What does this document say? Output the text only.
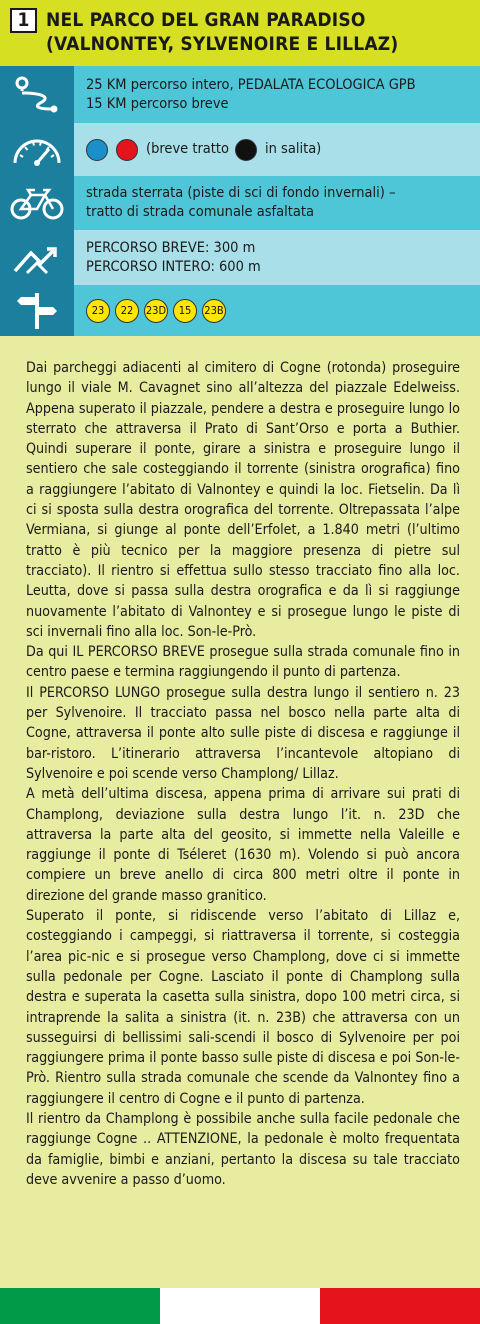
1 NEL PARCO DEL GRAN PARADISO
(VALNONTEY, SYLVENOIRE E LILLAZ)
25 KM percorso intero, PEDALATA ECOLOGICA GPB
15 KM percorso breve
(breve tratto in salita)
strada sterrata (piste di sci di fondo invernali) –
tratto di strada comunale asfaltata
PERCORSO BREVE: 300 m
PERCORSO INTERO: 600 m
23 22 23D 15 23B

Dai parcheggi adiacenti al cimitero di Cogne (rotonda) proseguire lungo il viale M. Cavagnet sino all’altezza del piazzale Edelweiss. Appena superato il piazzale, pendere a destra e proseguire lungo lo sterrato che attraversa il Prato di Sant’Orso e porta a Buthier. Quindi superare il ponte, girare a sinistra e proseguire lungo il sentiero che sale costeggiando il torrente (sinistra orografica) fino a raggiungere l’abitato di Valnontey e quindi la loc. Fietselin. Da lì ci si sposta sulla destra orografica del torrente. Oltrepassata l’alpe Vermiana, si giunge al ponte dell’Erfolet, a 1.840 metri (l’ultimo tratto è più tecnico per la maggiore presenza di pietre sul tracciato). Il rientro si effettua sullo stesso tracciato fino alla loc. Leutta, dove si passa sulla destra orografica e da lì si raggiunge nuovamente l’abitato di Valnontey e si prosegue lungo le piste di sci invernali fino alla loc. Son-le-Prò.

Da qui IL PERCORSO BREVE prosegue sulla strada comunale fino in centro paese e termina raggiungendo il punto di partenza.

Il PERCORSO LUNGO prosegue sulla destra lungo il sentiero n. 23 per Sylvenoire. Il tracciato passa nel bosco nella parte alta di Cogne, attraversa il ponte alto sulle piste di discesa e raggiunge il bar-ristoro. L’itinerario attraversa l’incantevole altopiano di Sylvenoire e poi scende verso Champlong/ Lillaz.

A metà dell’ultima discesa, appena prima di arrivare sui prati di Champlong, deviazione sulla destra lungo l’it. n. 23D che attraversa la parte alta del geosito, si immette nella Valeille e raggiunge il ponte di Tséleret (1630 m). Volendo si può ancora compiere un breve anello di circa 800 metri oltre il ponte in direzione del grande masso granitico.

Superato il ponte, si ridiscende verso l’abitato di Lillaz e, costeggiando i campeggi, si riattraversa il torrente, si costeggia l’area pic-nic e si prosegue verso Champlong, dove ci si immette sulla pedonale per Cogne. Lasciato il ponte di Champlong sulla destra e superata la casetta sulla sinistra, dopo 100 metri circa, si intraprende la salita a sinistra (it. n. 23B) che attraversa con un susseguirsi di bellissimi sali-scendi il bosco di Sylvenoire per poi raggiungere prima il ponte basso sulle piste di discesa e poi Son-le-Prò. Rientro sulla strada comunale che scende da Valnontey fino a raggiungere il centro di Cogne e il punto di partenza.

Il rientro da Champlong è possibile anche sulla facile pedonale che raggiunge Cogne .. ATTENZIONE, la pedonale è molto frequentata da famiglie, bimbi e anziani, pertanto la discesa su tale tracciato deve avvenire a passo d’uomo.
